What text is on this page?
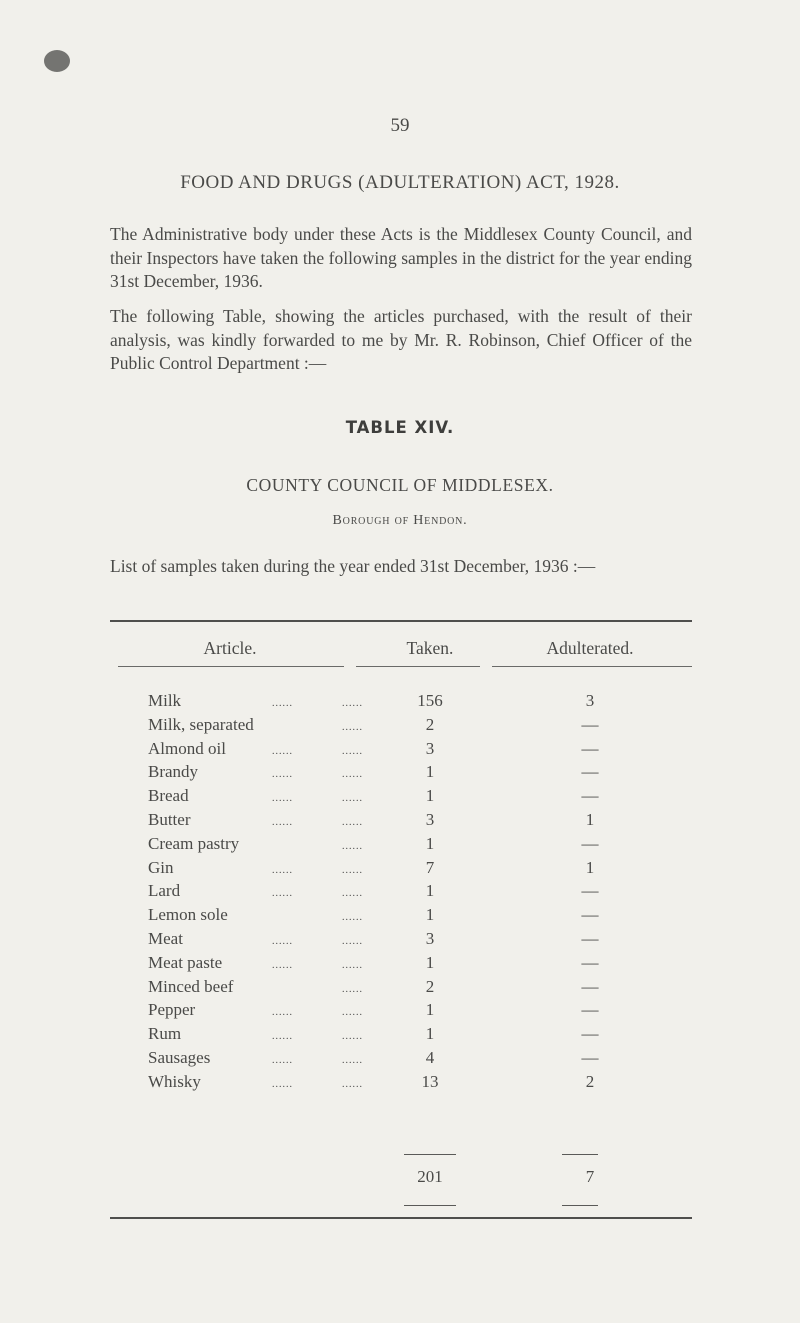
59
FOOD AND DRUGS (ADULTERATION) ACT, 1928.
The Administrative body under these Acts is the Middlesex County Council, and their Inspectors have taken the following samples in the district for the year ending 31st December, 1936.
The following Table, showing the articles purchased, with the result of their analysis, was kindly forwarded to me by Mr. R. Robinson, Chief Officer of the Public Control Department :—
TABLE XIV.
COUNTY COUNCIL OF MIDDLESEX.
Borough of Hendon.
List of samples taken during the year ended 31st December, 1936 :—
Article.	Taken.	Adulterated.
Milk	......	......	156	3
Milk, separated	......	2	—
Almond oil	......	......	3	—
Brandy	......	......	1	—
Bread	......	......	1	—
Butter	......	......	3	1
Cream pastry	......	1	—
Gin	......	......	7	1
Lard	......	......	1	—
Lemon sole	......	1	—
Meat	......	......	3	—
Meat paste	......	......	1	—
Minced beef	......	2	—
Pepper	......	......	1	—
Rum	......	......	1	—
Sausages	......	......	4	—
Whisky	......	......	13	2
201	7
